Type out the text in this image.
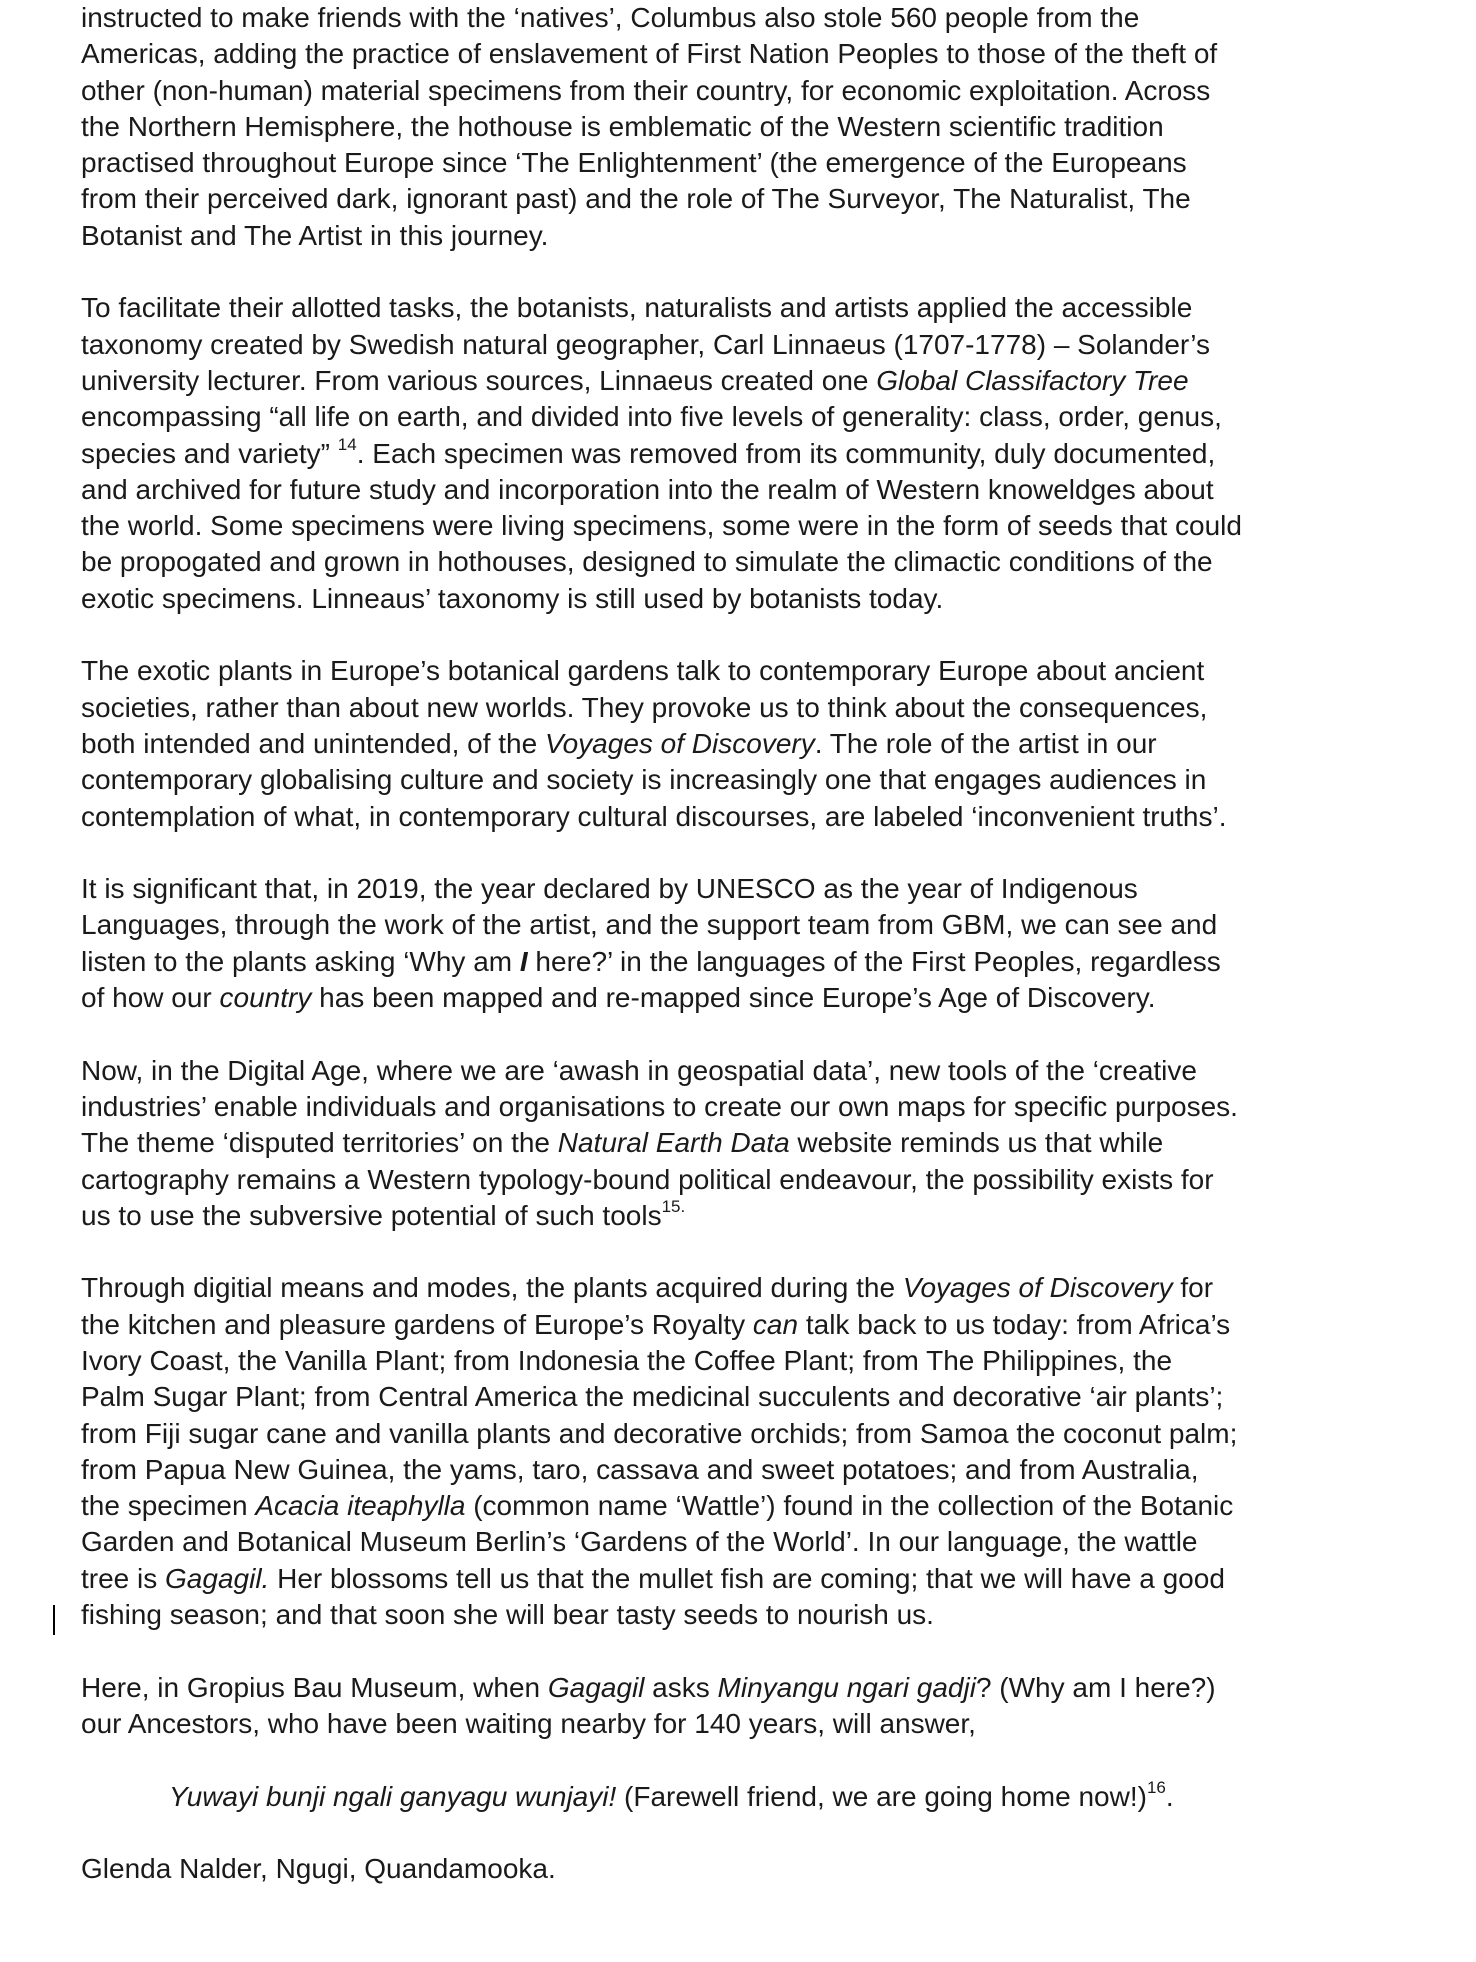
instructed to make friends with the ‘natives’, Columbus also stole 560 people from the
Americas, adding the practice of enslavement of First Nation Peoples to those of the theft of
other (non-human) material specimens from their country, for economic exploitation. Across
the Northern Hemisphere, the hothouse is emblematic of the Western scientific tradition
practised throughout Europe since ‘The Enlightenment’ (the emergence of the Europeans
from their perceived dark, ignorant past) and the role of The Surveyor, The Naturalist, The
Botanist and The Artist in this journey.
To facilitate their allotted tasks, the botanists, naturalists and artists applied the accessible
taxonomy created by Swedish natural geographer, Carl Linnaeus (1707-1778) – Solander’s
university lecturer. From various sources, Linnaeus created one Global Classifactory Tree
encompassing “all life on earth, and divided into five levels of generality: class, order, genus,
species and variety” $^{14}$. Each specimen was removed from its community, duly documented,
and archived for future study and incorporation into the realm of Western knoweldges about
the world. Some specimens were living specimens, some were in the form of seeds that could
be propogated and grown in hothouses, designed to simulate the climactic conditions of the
exotic specimens. Linneaus’ taxonomy is still used by botanists today.
The exotic plants in Europe’s botanical gardens talk to contemporary Europe about ancient
societies, rather than about new worlds. They provoke us to think about the consequences,
both intended and unintended, of the Voyages of Discovery. The role of the artist in our
contemporary globalising culture and society is increasingly one that engages audiences in
contemplation of what, in contemporary cultural discourses, are labeled ‘inconvenient truths’.
It is significant that, in 2019, the year declared by UNESCO as the year of Indigenous
Languages, through the work of the artist, and the support team from GBM, we can see and
listen to the plants asking ‘Why am I here?’ in the languages of the First Peoples, regardless
of how our country has been mapped and re-mapped since Europe’s Age of Discovery.
Now, in the Digital Age, where we are ‘awash in geospatial data’, new tools of the ‘creative
industries’ enable individuals and organisations to create our own maps for specific purposes.
The theme ‘disputed territories’ on the Natural Earth Data website reminds us that while
cartography remains a Western typology-bound political endeavour, the possibility exists for
us to use the subversive potential of such tools$^{15.}$
Through digitial means and modes, the plants acquired during the Voyages of Discovery for
the kitchen and pleasure gardens of Europe’s Royalty can talk back to us today: from Africa’s
Ivory Coast, the Vanilla Plant; from Indonesia the Coffee Plant; from The Philippines, the
Palm Sugar Plant; from Central America the medicinal succulents and decorative ‘air plants’;
from Fiji sugar cane and vanilla plants and decorative orchids; from Samoa the coconut palm;
from Papua New Guinea, the yams, taro, cassava and sweet potatoes; and from Australia,
the specimen Acacia iteaphylla (common name ‘Wattle’) found in the collection of the Botanic
Garden and Botanical Museum Berlin’s ‘Gardens of the World’. In our language, the wattle
tree is Gagagil. Her blossoms tell us that the mullet fish are coming; that we will have a good
fishing season; and that soon she will bear tasty seeds to nourish us.
Here, in Gropius Bau Museum, when Gagagil asks Minyangu ngari gadji? (Why am I here?)
our Ancestors, who have been waiting nearby for 140 years, will answer,
Yuwayi bunji ngali ganyagu wunjayi! (Farewell friend, we are going home now!)$^{16}$.
Glenda Nalder, Ngugi, Quandamooka.
